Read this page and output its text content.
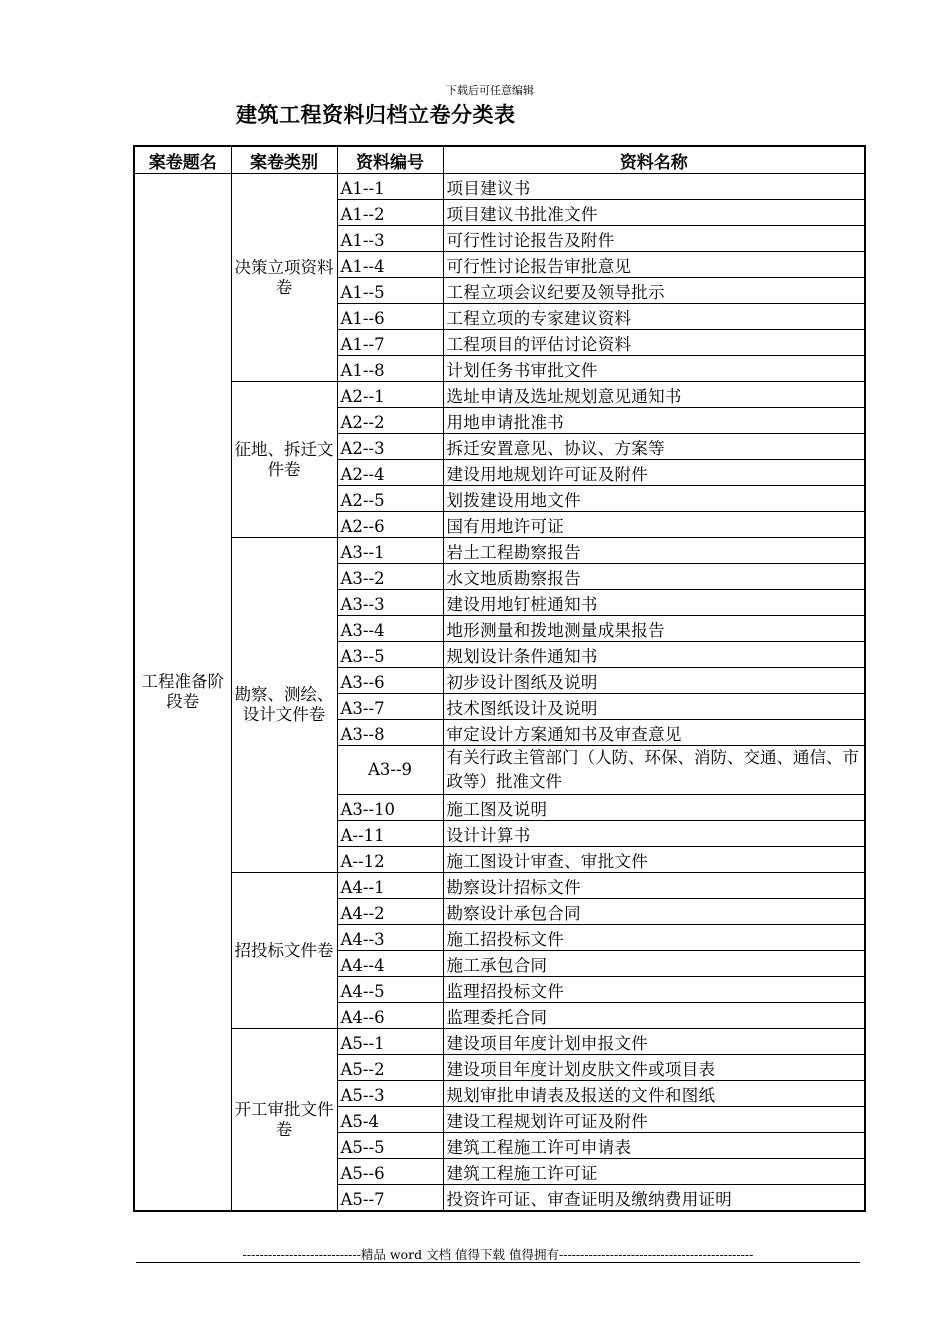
下载后可任意编辑
建筑工程资料归档立卷分类表
案卷题名	案卷类别	资料编号	资料名称
工程准备阶段卷	决策立项资料卷	A1--1	项目建议书
		A1--2	项目建议书批准文件
		A1--3	可行性讨论报告及附件
		A1--4	可行性讨论报告审批意见
		A1--5	工程立项会议纪要及领导批示
		A1--6	工程立项的专家建议资料
		A1--7	工程项目的评估讨论资料
		A1--8	计划任务书审批文件
	征地、拆迁文件卷	A2--1	选址申请及选址规划意见通知书
		A2--2	用地申请批准书
		A2--3	拆迁安置意见、协议、方案等
		A2--4	建设用地规划许可证及附件
		A2--5	划拨建设用地文件
		A2--6	国有用地许可证
	勘察、测绘、设计文件卷	A3--1	岩土工程勘察报告
		A3--2	水文地质勘察报告
		A3--3	建设用地钉桩通知书
		A3--4	地形测量和拨地测量成果报告
		A3--5	规划设计条件通知书
		A3--6	初步设计图纸及说明
		A3--7	技术图纸设计及说明
		A3--8	审定设计方案通知书及审查意见
		A3--9	有关行政主管部门（人防、环保、消防、交通、通信、市政等）批准文件
		A3--10	施工图及说明
		A--11	设计计算书
		A--12	施工图设计审查、审批文件
	招投标文件卷	A4--1	勘察设计招标文件
		A4--2	勘察设计承包合同
		A4--3	施工招投标文件
		A4--4	施工承包合同
		A4--5	监理招投标文件
		A4--6	监理委托合同
	开工审批文件卷	A5--1	建设项目年度计划申报文件
		A5--2	建设项目年度计划皮肤文件或项目表
		A5--3	规划审批申请表及报送的文件和图纸
		A5-4	建设工程规划许可证及附件
		A5--5	建筑工程施工许可申请表
		A5--6	建筑工程施工许可证
		A5--7	投资许可证、审查证明及缴纳费用证明
----------------------------精品 word 文档 值得下载 值得拥有----------------------------------------------
